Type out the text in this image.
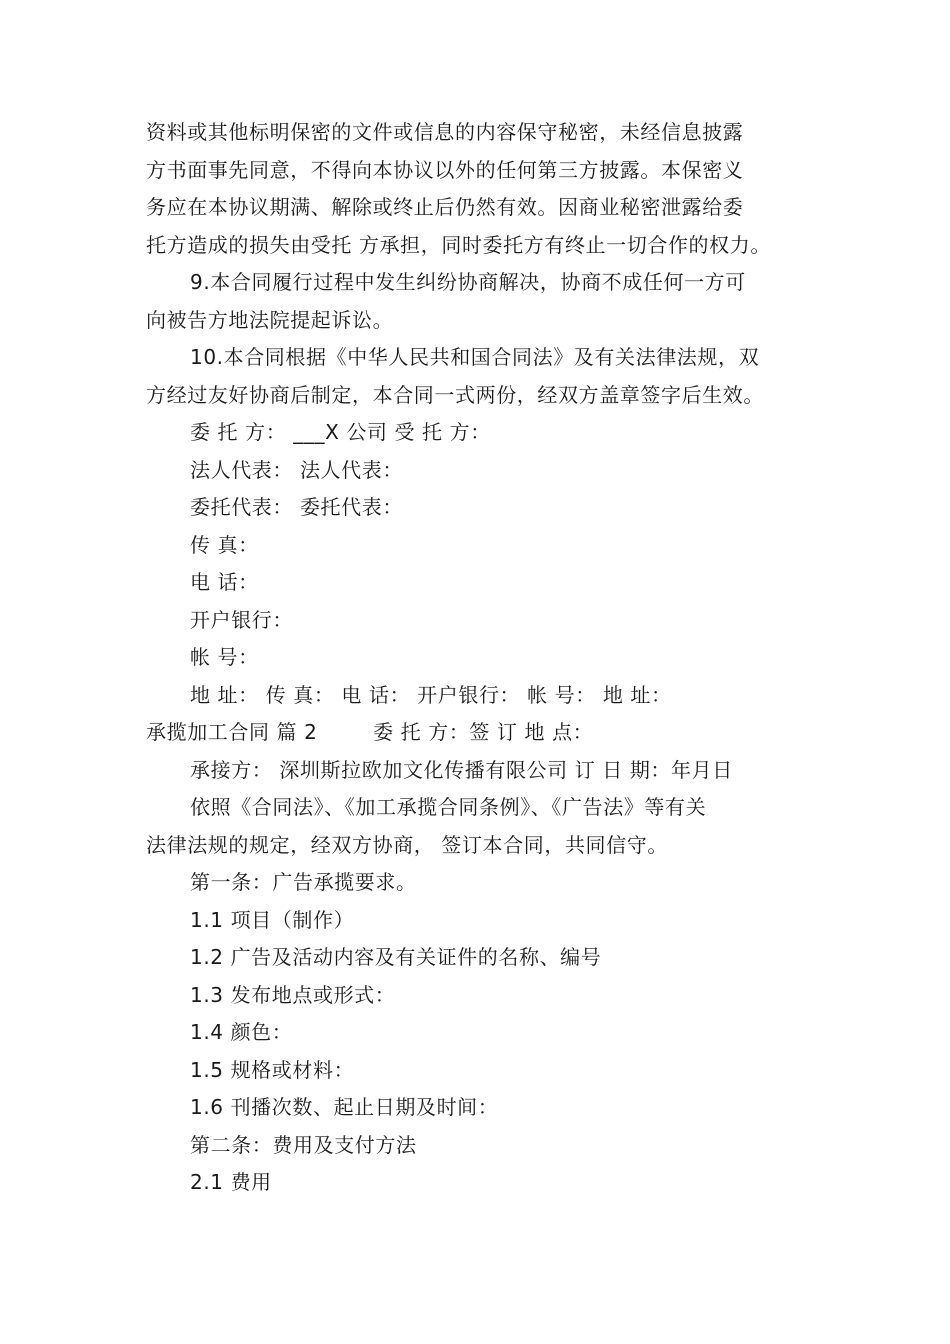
资料或其他标明保密的文件或信息的内容保守秘密，未经信息披露
方书面事先同意，不得向本协议以外的任何第三方披露。本保密义
务应在本协议期满、解除或终止后仍然有效。因商业秘密泄露给委
托方造成的损失由受托 方承担，同时委托方有终止一切合作的权力。
9.本合同履行过程中发生纠纷协商解决，协商不成任何一方可
向被告方地法院提起诉讼。
10.本合同根据《中华人民共和国合同法》及有关法律法规，双
方经过友好协商后制定，本合同一式两份，经双方盖章签字后生效。
委 托 方： ___X 公司 受 托 方：
法人代表： 法人代表：
委托代表： 委托代表：
传 真：
电 话：
开户银行：
帐 号：
地 址： 传 真： 电 话： 开户银行： 帐 号： 地 址：
承揽加工合同 篇 2        委 托 方：签 订 地 点：
承接方： 深圳斯拉欧加文化传播有限公司 订 日 期：年月日
依照《合同法》、《加工承揽合同条例》、《广告法》等有关
法律法规的规定，经双方协商， 签订本合同，共同信守。
第一条：广告承揽要求。
1.1 项目（制作）
1.2 广告及活动内容及有关证件的名称、编号
1.3 发布地点或形式：
1.4 颜色：
1.5 规格或材料：
1.6 刊播次数、起止日期及时间：
第二条：费用及支付方法
2.1 费用
